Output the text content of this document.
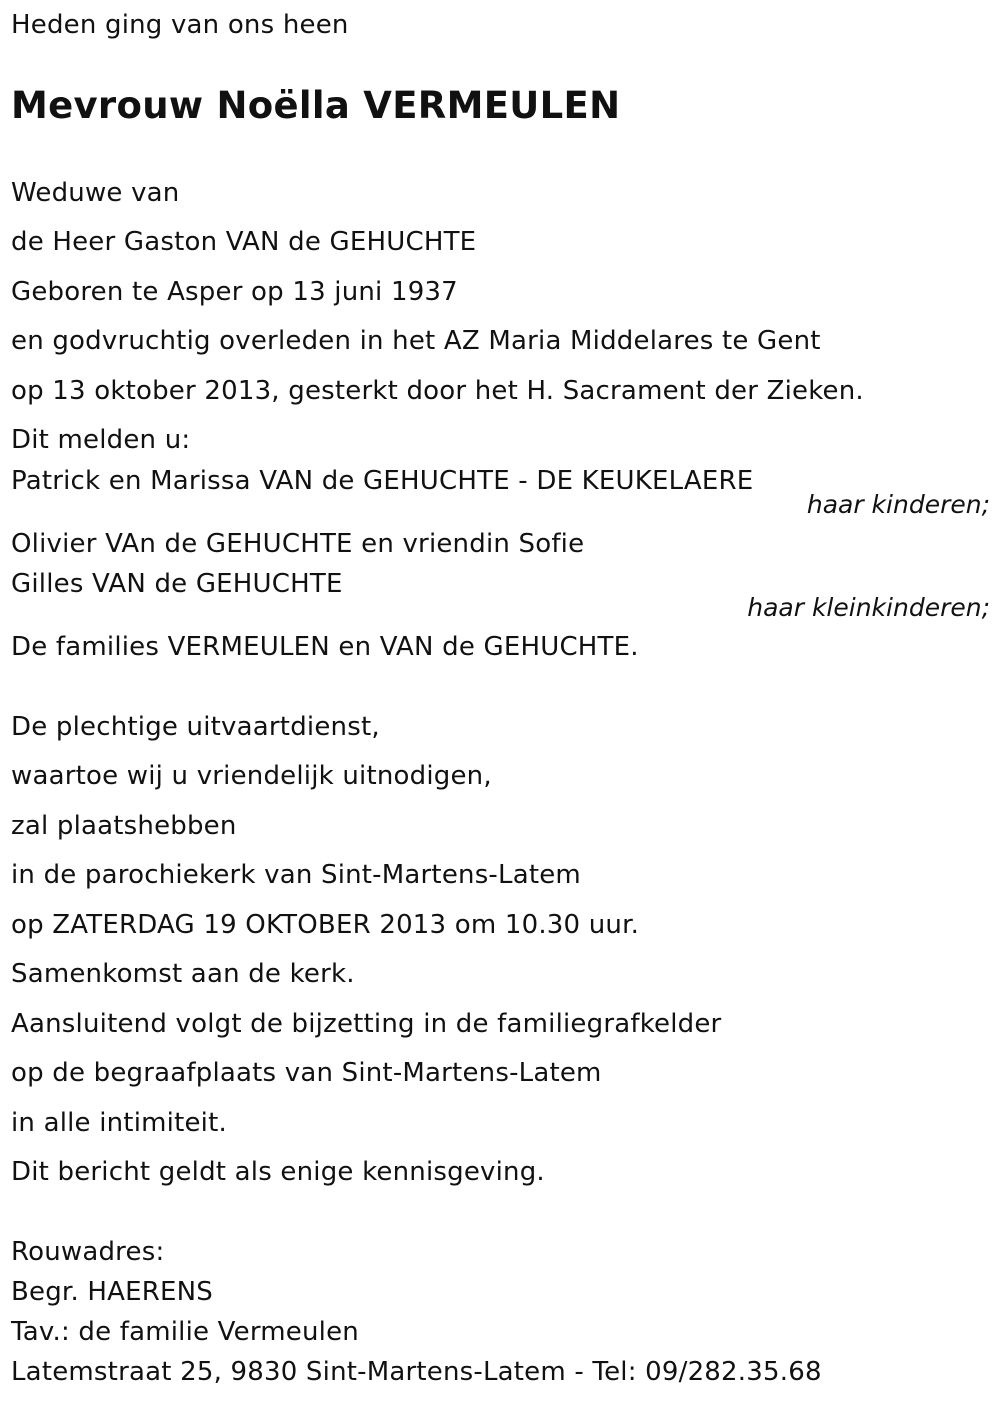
Heden ging van ons heen
Mevrouw Noëlla VERMEULEN
Weduwe van
de Heer Gaston VAN de GEHUCHTE
Geboren te Asper op 13 juni 1937
en godvruchtig overleden in het AZ Maria Middelares te Gent
op 13 oktober 2013, gesterkt door het H. Sacrament der Zieken.
Dit melden u:
Patrick en Marissa VAN de GEHUCHTE - DE KEUKELAERE
haar kinderen;
Olivier VAn de GEHUCHTE en vriendin Sofie
Gilles VAN de GEHUCHTE
haar kleinkinderen;
De families VERMEULEN en VAN de GEHUCHTE.
De plechtige uitvaartdienst,
waartoe wij u vriendelijk uitnodigen,
zal plaatshebben
in de parochiekerk van Sint-Martens-Latem
op ZATERDAG 19 OKTOBER 2013 om 10.30 uur.
Samenkomst aan de kerk.
Aansluitend volgt de bijzetting in de familiegrafkelder
op de begraafplaats van Sint-Martens-Latem
in alle intimiteit.
Dit bericht geldt als enige kennisgeving.
Rouwadres:
Begr. HAERENS
Tav.: de familie Vermeulen
Latemstraat 25, 9830 Sint-Martens-Latem - Tel: 09/282.35.68
